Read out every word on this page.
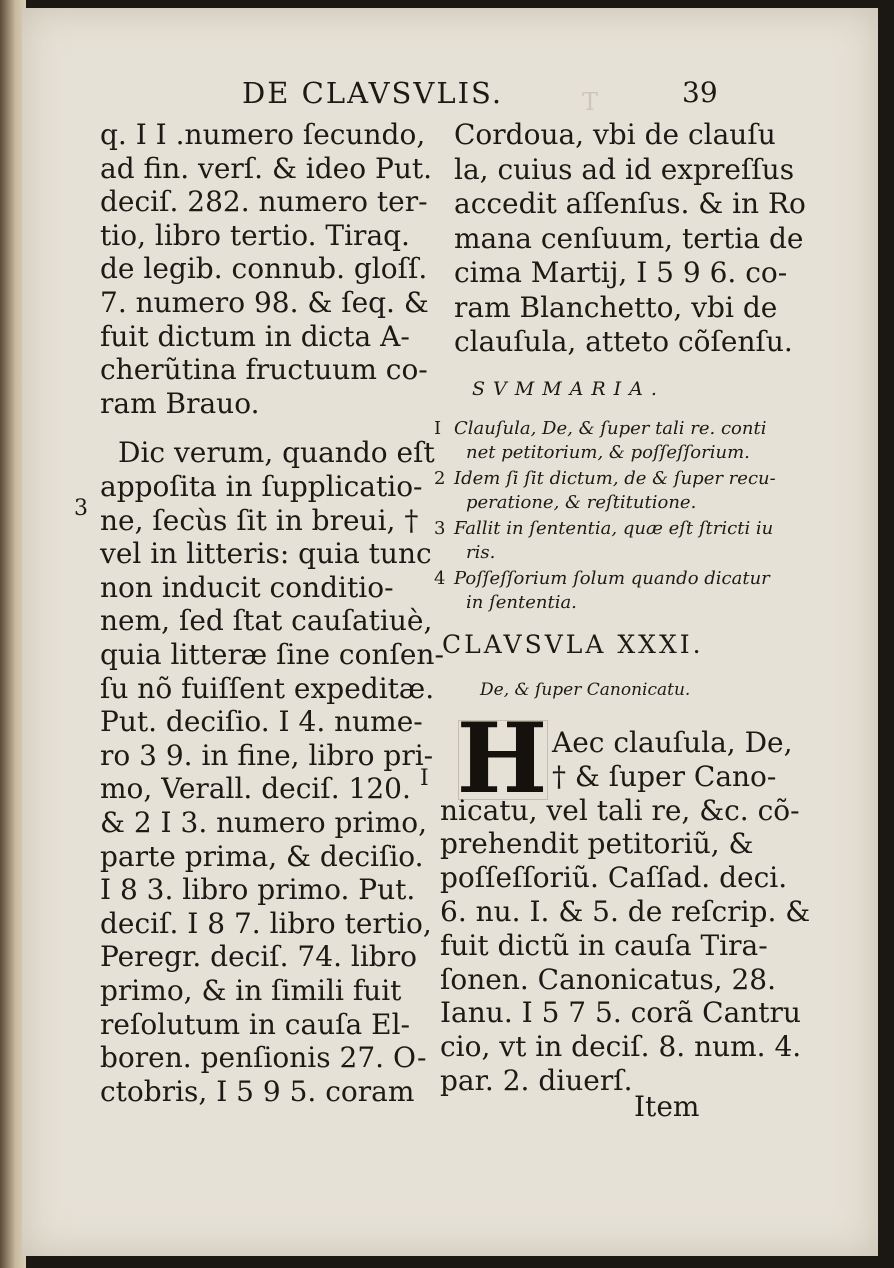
T
DE CLAVSVLIS.	39
q. I I .numero ſecundo,
ad fin. verſ. & ideo Put.
deciſ. 282. numero ter-
tio, libro tertio. Tiraq.
de legib. connub. gloſſ.
7. numero 98. & ſeq. &
fuit dictum in dicta A-
cherũtina fructuum co-
ram Brauo.
Dic verum, quando eſt
appoſita in ſupplicatio-
ne, ſecùs ſit in breui, †
vel in litteris: quia tunc
non inducit conditio-
nem, ſed ſtat cauſatiuè,
quia litteræ ſine conſen-
ſu nõ fuiſſent expeditæ.
Put. deciſio. I 4. nume-
ro 3 9. in fine, libro pri-
mo, Verall. deciſ. 120.
& 2 I 3. numero primo,
parte prima, & deciſio.
I 8 3. libro primo. Put.
deciſ. I 8 7. libro tertio,
Peregr. deciſ. 74. libro
primo, & in ſimili fuit
reſolutum in cauſa El-
boren. penſionis 27. O-
ctobris, I 5 9 5. coram
3
Cordoua, vbi de clauſu
la, cuius ad id expreſſus
accedit aſſenſus. & in Ro
mana cenſuum, tertia de
cima Martij, I 5 9 6. co-
ram Blanchetto, vbi de
clauſula, atteto cõſenſu.
SVMMARIA.
I Clauſula, De, & ſuper tali re. conti
net petitorium, & poſſeſſorium.
2 Idem ſi ſit dictum, de & ſuper recu-
peratione, & reſtitutione.
3 Fallit in ſententia, quæ eſt ſtricti iu
ris.
4 Poſſeſſorium ſolum quando dicatur
in ſententia.
CLAVSVLA XXXI.
De, & ſuper Canonicatu.
H
I
Aec clauſula, De,
† & ſuper Cano-
nicatu, vel tali re, &c. cõ-
prehendit petitoriũ, &
poſſeſſoriũ. Caſſad. deci.
6. nu. I. & 5. de reſcrip. &
fuit dictũ in cauſa Tira-
ſonen. Canonicatus, 28.
Ianu. I 5 7 5. corã Cantru
cio, vt in deciſ. 8. num. 4.
par. 2. diuerſ.
Item
